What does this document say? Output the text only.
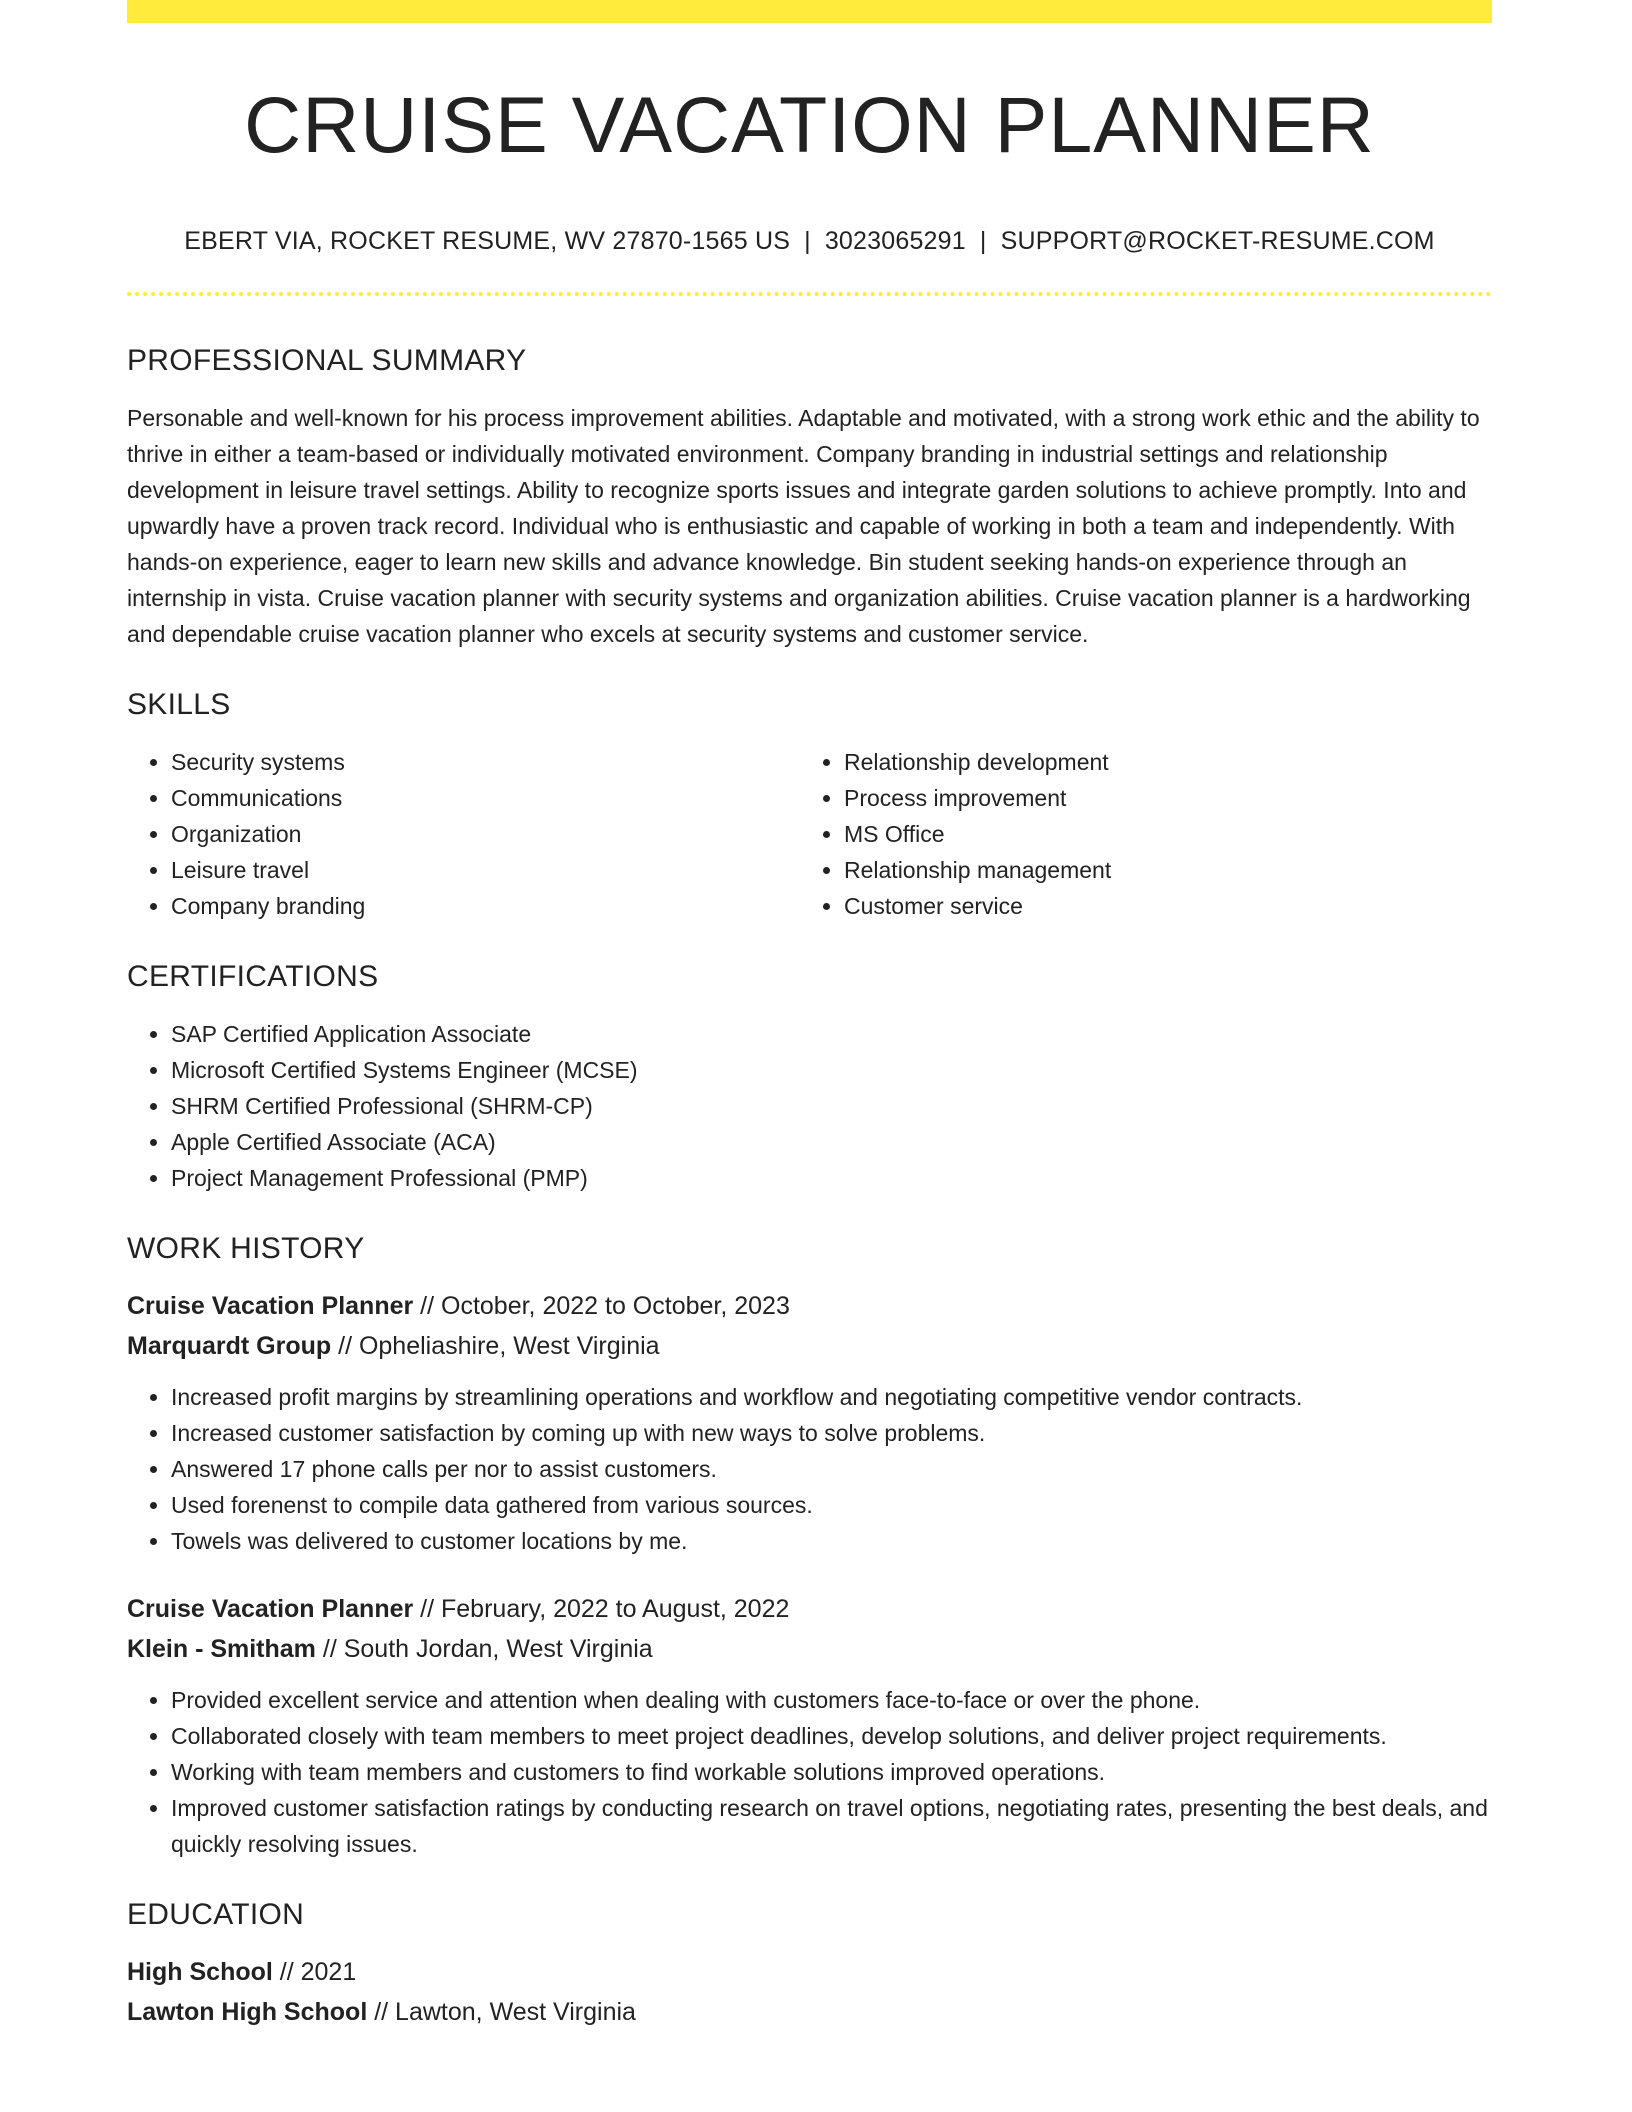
CRUISE VACATION PLANNER
EBERT VIA, ROCKET RESUME, WV 27870-1565 US | 3023065291 | SUPPORT@ROCKET-RESUME.COM
PROFESSIONAL SUMMARY

Personable and well-known for his process improvement abilities. Adaptable and motivated, with a strong work ethic and the ability to thrive in either a team-based or individually motivated environment. Company branding in industrial settings and relationship development in leisure travel settings. Ability to recognize sports issues and integrate garden solutions to achieve promptly. Into and upwardly have a proven track record. Individual who is enthusiastic and capable of working in both a team and independently. With hands-on experience, eager to learn new skills and advance knowledge. Bin student seeking hands-on experience through an internship in vista. Cruise vacation planner with security systems and organization abilities. Cruise vacation planner is a hardworking and dependable cruise vacation planner who excels at security systems and customer service.

SKILLS
• Security systems
• Communications
• Organization
• Leisure travel
• Company branding
• Relationship development
• Process improvement
• MS Office
• Relationship management
• Customer service
CERTIFICATIONS
• SAP Certified Application Associate
• Microsoft Certified Systems Engineer (MCSE)
• SHRM Certified Professional (SHRM-CP)
• Apple Certified Associate (ACA)
• Project Management Professional (PMP)
WORK HISTORY
Cruise Vacation Planner // October, 2022 to October, 2023
Marquardt Group // Opheliashire, West Virginia
• Increased profit margins by streamlining operations and workflow and negotiating competitive vendor contracts.
• Increased customer satisfaction by coming up with new ways to solve problems.
• Answered 17 phone calls per nor to assist customers.
• Used forenenst to compile data gathered from various sources.
• Towels was delivered to customer locations by me.
Cruise Vacation Planner // February, 2022 to August, 2022
Klein - Smitham // South Jordan, West Virginia
• Provided excellent service and attention when dealing with customers face-to-face or over the phone.
• Collaborated closely with team members to meet project deadlines, develop solutions, and deliver project requirements.
• Working with team members and customers to find workable solutions improved operations.
• Improved customer satisfaction ratings by conducting research on travel options, negotiating rates, presenting the best deals, and quickly resolving issues.
EDUCATION
High School // 2021
Lawton High School // Lawton, West Virginia
